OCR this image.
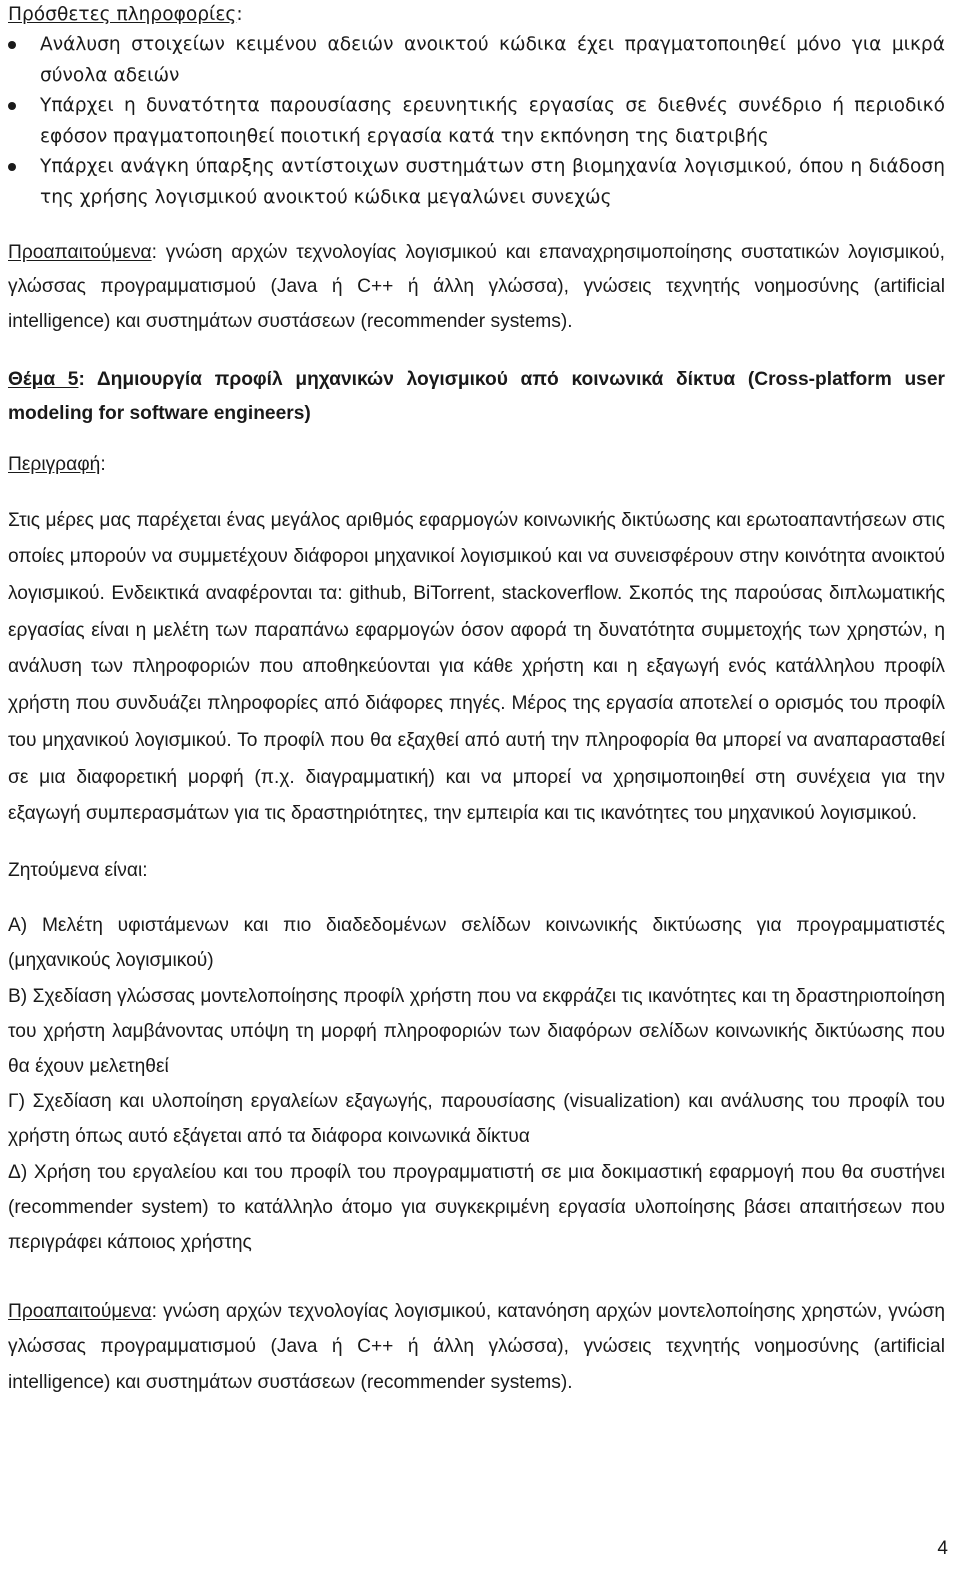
Πρόσθετες πληροφορίες:

Ανάλυση στοιχείων κειμένου αδειών ανοικτού κώδικα έχει πραγματοποιηθεί μόνο για μικρά σύνολα αδειών
Υπάρχει η δυνατότητα παρουσίασης ερευνητικής εργασίας σε διεθνές συνέδριο ή περιοδικό εφόσον πραγματοποιηθεί ποιοτική εργασία κατά την εκπόνηση της διατριβής
Υπάρχει ανάγκη ύπαρξης αντίστοιχων συστημάτων στη βιομηχανία λογισμικού, όπου η διάδοση της χρήσης λογισμικού ανοικτού κώδικα μεγαλώνει συνεχώς

Προαπαιτούμενα: γνώση αρχών τεχνολογίας λογισμικού και επαναχρησιμοποίησης συστατικών λογισμικού, γλώσσας προγραμματισμού (Java ή C++ ή άλλη γλώσσα), γνώσεις τεχνητής νοημοσύνης (artificial intelligence) και συστημάτων συστάσεων (recommender systems).

Θέμα 5: Δημιουργία προφίλ μηχανικών λογισμικού από κοινωνικά δίκτυα (Cross-platform user modeling for software engineers)

Περιγραφή:

Στις μέρες μας παρέχεται ένας μεγάλος αριθμός εφαρμογών κοινωνικής δικτύωσης και ερωτοαπαντήσεων στις οποίες μπορούν να συμμετέχουν διάφοροι μηχανικοί λογισμικού και να συνεισφέρουν στην κοινότητα ανοικτού λογισμικού. Ενδεικτικά αναφέρονται τα: github, BiTorrent, stackoverflow. Σκοπός της παρούσας διπλωματικής εργασίας είναι η μελέτη των παραπάνω εφαρμογών όσον αφορά τη δυνατότητα συμμετοχής των χρηστών, η ανάλυση των πληροφοριών που αποθηκεύονται για κάθε χρήστη και η εξαγωγή ενός κατάλληλου προφίλ χρήστη που συνδυάζει πληροφορίες από διάφορες πηγές. Μέρος της εργασία αποτελεί ο ορισμός του προφίλ του μηχανικού λογισμικού. Το προφίλ που θα εξαχθεί από αυτή την πληροφορία θα μπορεί να αναπαρασταθεί σε μια διαφορετική μορφή (π.χ. διαγραμματική) και να μπορεί να χρησιμοποιηθεί στη συνέχεια για την εξαγωγή συμπερασμάτων για τις δραστηριότητες, την εμπειρία και τις ικανότητες του μηχανικού λογισμικού.

Ζητούμενα είναι:

Α) Μελέτη υφιστάμενων και πιο διαδεδομένων σελίδων κοινωνικής δικτύωσης για προγραμματιστές (μηχανικούς λογισμικού)

Β) Σχεδίαση γλώσσας μοντελοποίησης προφίλ χρήστη που να εκφράζει τις ικανότητες και τη δραστηριοποίηση του χρήστη λαμβάνοντας υπόψη τη μορφή πληροφοριών των διαφόρων σελίδων κοινωνικής δικτύωσης που θα έχουν μελετηθεί

Γ) Σχεδίαση και υλοποίηση εργαλείων εξαγωγής, παρουσίασης (visualization) και ανάλυσης του προφίλ του χρήστη όπως αυτό εξάγεται από τα διάφορα κοινωνικά δίκτυα

Δ) Χρήση του εργαλείου και του προφίλ του προγραμματιστή σε μια δοκιμαστική εφαρμογή που θα συστήνει (recommender system) το κατάλληλο άτομο για συγκεκριμένη εργασία υλοποίησης βάσει απαιτήσεων που περιγράφει κάποιος χρήστης

Προαπαιτούμενα: γνώση αρχών τεχνολογίας λογισμικού, κατανόηση αρχών μοντελοποίησης χρηστών, γνώση γλώσσας προγραμματισμού (Java ή C++ ή άλλη γλώσσα), γνώσεις τεχνητής νοημοσύνης (artificial intelligence) και συστημάτων συστάσεων (recommender systems).

4
